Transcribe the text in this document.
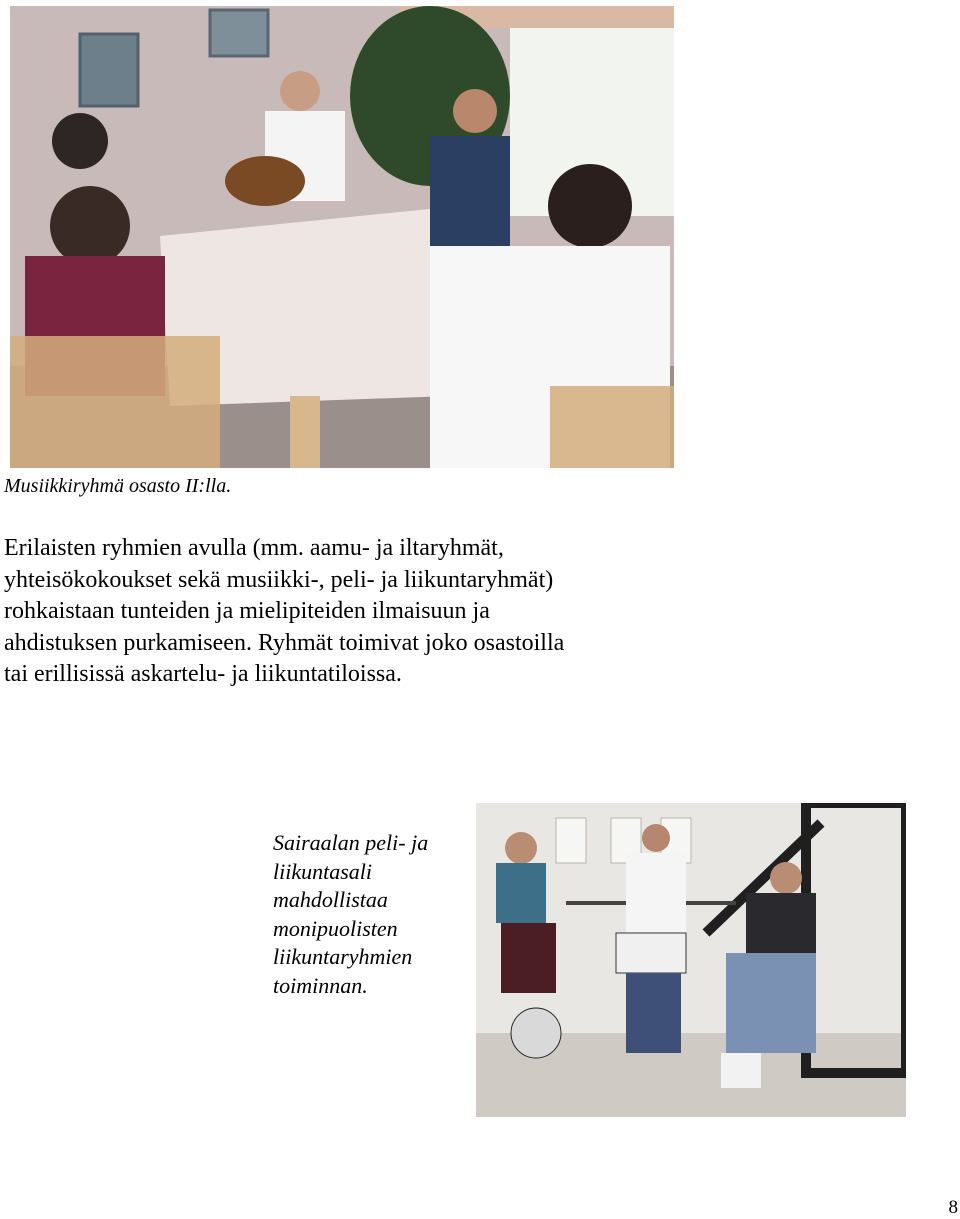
Musiikkiryhmä osasto II:lla.

Erilaisten ryhmien avulla (mm. aamu- ja iltaryhmät,
yhteisökokoukset sekä musiikki-, peli- ja liikuntaryhmät)
rohkaistaan tunteiden ja mielipiteiden ilmaisuun ja
ahdistuksen purkamiseen. Ryhmät toimivat joko osastoilla
tai erillisissä askartelu- ja liikuntatiloissa.

Sairaalan peli- ja
liikuntasali
mahdollistaa
monipuolisten
liikuntaryhmien
toiminnan.

8
